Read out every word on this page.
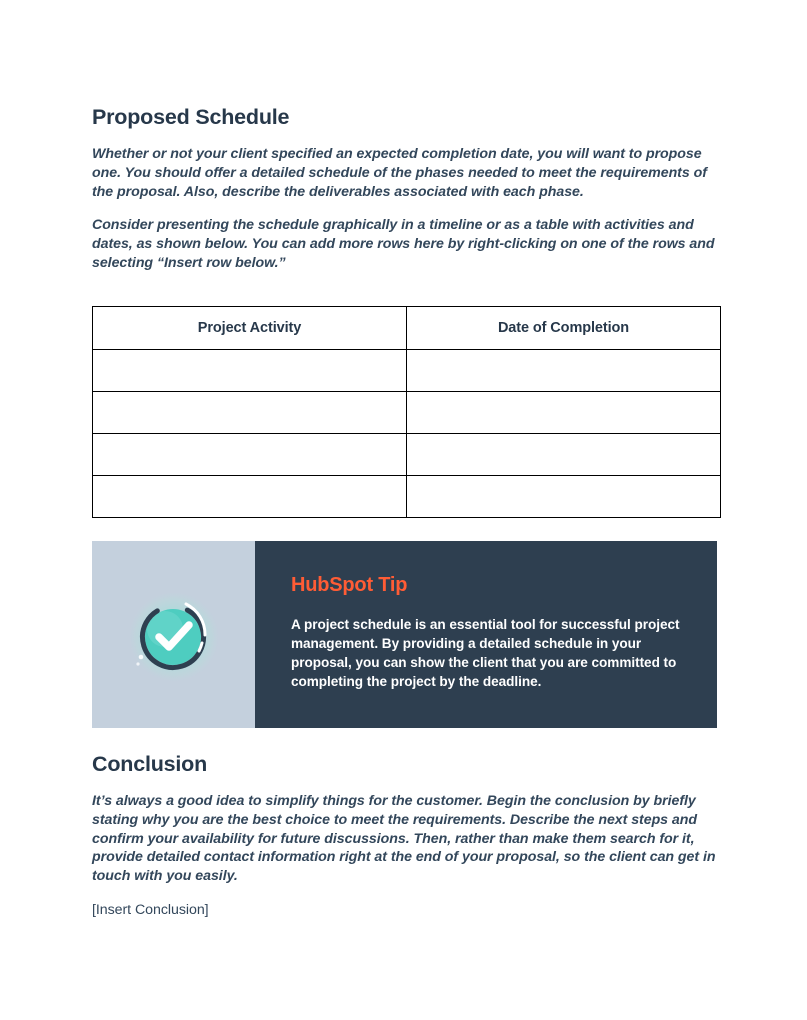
Proposed Schedule

Whether or not your client specified an expected completion date, you will want to propose one. You should offer a detailed schedule of the phases needed to meet the requirements of the proposal. Also, describe the deliverables associated with each phase.

Consider presenting the schedule graphically in a timeline or as a table with activities and dates, as shown below. You can add more rows here by right-clicking on one of the rows and selecting “Insert row below.”

Project Activity	Date of Completion

HubSpot Tip

A project schedule is an essential tool for successful project management. By providing a detailed schedule in your proposal, you can show the client that you are committed to completing the project by the deadline.

Conclusion

It’s always a good idea to simplify things for the customer. Begin the conclusion by briefly stating why you are the best choice to meet the requirements. Describe the next steps and confirm your availability for future discussions. Then, rather than make them search for it, provide detailed contact information right at the end of your proposal, so the client can get in touch with you easily.

[Insert Conclusion]
